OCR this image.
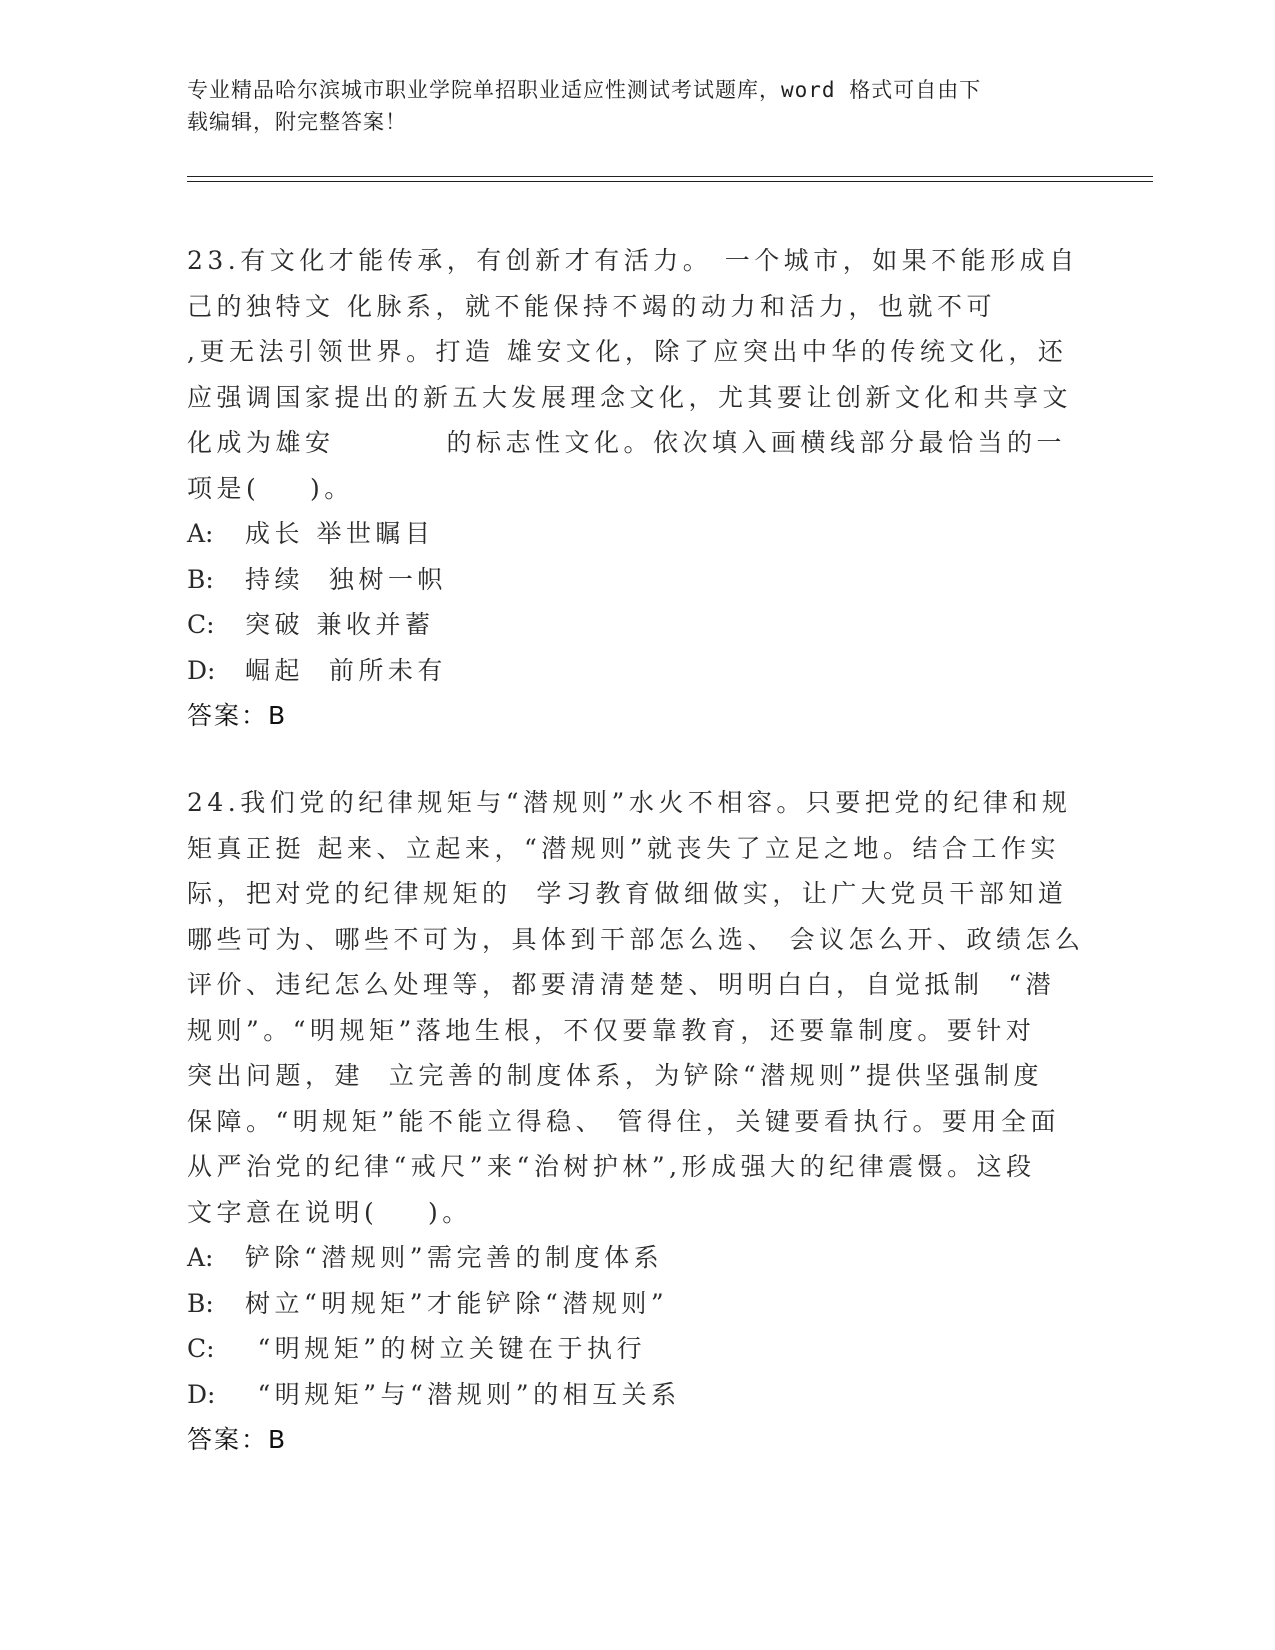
专业精品哈尔滨城市职业学院单招职业适应性测试考试题库，word 格式可自由下
载编辑，附完整答案！
23.有文化才能传承，有创新才有活力。 一个城市，如果不能形成自
己的独特文 化脉系，就不能保持不竭的动力和活力，也就不可
,更无法引领世界。打造 雄安文化，除了应突出中华的传统文化，还
应强调国家提出的新五大发展理念文化，尤其要让创新文化和共享文
化成为雄安         的标志性文化。依次填入画横线部分最恰当的一
项是(    )。
A: 成长 举世瞩目
B: 持续  独树一帜
C: 突破 兼收并蓄
D: 崛起  前所未有
答案：B
24.我们党的纪律规矩与“潜规则”水火不相容。只要把党的纪律和规
矩真正挺 起来、立起来，“潜规则”就丧失了立足之地。结合工作实
际，把对党的纪律规矩的  学习教育做细做实，让广大党员干部知道
哪些可为、哪些不可为，具体到干部怎么选、 会议怎么开、政绩怎么
评价、违纪怎么处理等，都要清清楚楚、明明白白，自觉抵制  “潜
规则”。“明规矩”落地生根，不仅要靠教育，还要靠制度。要针对
突出问题，建  立完善的制度体系，为铲除“潜规则”提供坚强制度
保障。“明规矩”能不能立得稳、 管得住，关键要看执行。要用全面
从严治党的纪律“戒尺”来“治树护林”,形成强大的纪律震慑。这段
文字意在说明(    )。
A: 铲除“潜规则”需完善的制度体系
B: 树立“明规矩”才能铲除“潜规则”
C: “明规矩”的树立关键在于执行
D: “明规矩”与“潜规则”的相互关系
答案：B
